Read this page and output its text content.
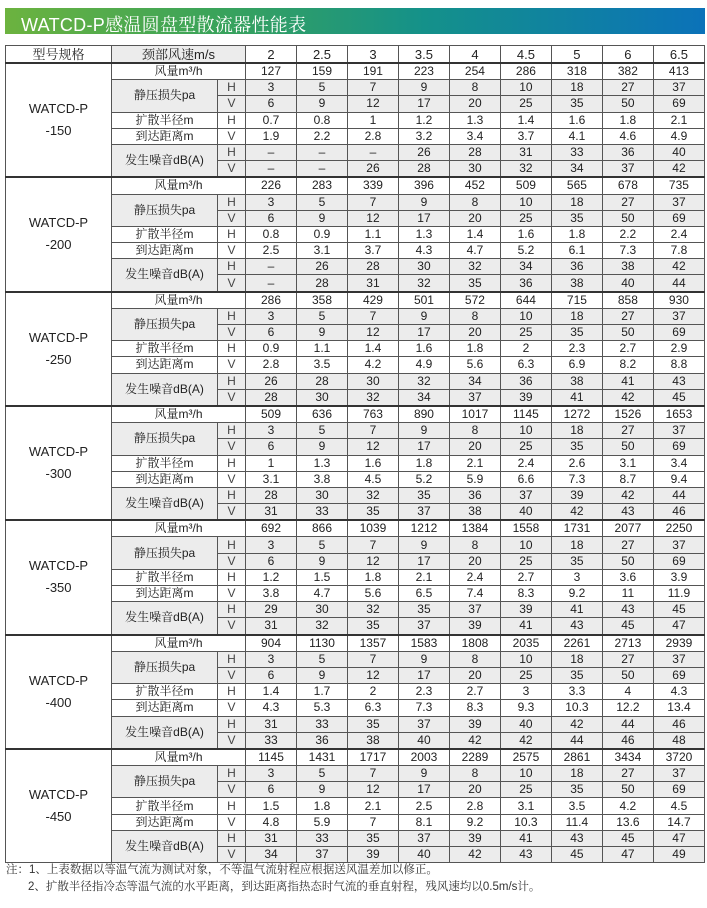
WATCD-P感温圆盘型散流器性能表
型号规格	颈部风速m/s		2	2.5	3	3.5	4	4.5	5	6	6.5

WATCD-P
-150	风量m³/h		127	159	191	223	254	286	318	382	413
	静压损失pa	H	3	5	7	9	8	10	18	27	37
		V	6	9	12	17	20	25	35	50	69
	扩散半径m	H	0.7	0.8	1	1.2	1.3	1.4	1.6	1.8	2.1
	到达距离m	V	1.9	2.2	2.8	3.2	3.4	3.7	4.1	4.6	4.9
	发生噪音dB(A)	H	–	–	–	26	28	31	33	36	40
		V	–	–	26	28	30	32	34	37	42

WATCD-P
-200	风量m³/h		226	283	339	396	452	509	565	678	735
	静压损失pa	H	3	5	7	9	8	10	18	27	37
		V	6	9	12	17	20	25	35	50	69
	扩散半径m	H	0.8	0.9	1.1	1.3	1.4	1.6	1.8	2.2	2.4
	到达距离m	V	2.5	3.1	3.7	4.3	4.7	5.2	6.1	7.3	7.8
	发生噪音dB(A)	H	–	26	28	30	32	34	36	38	42
		V	–	28	31	32	35	36	38	40	44

WATCD-P
-250	风量m³/h		286	358	429	501	572	644	715	858	930
	静压损失pa	H	3	5	7	9	8	10	18	27	37
		V	6	9	12	17	20	25	35	50	69
	扩散半径m	H	0.9	1.1	1.4	1.6	1.8	2	2.3	2.7	2.9
	到达距离m	V	2.8	3.5	4.2	4.9	5.6	6.3	6.9	8.2	8.8
	发生噪音dB(A)	H	26	28	30	32	34	36	38	41	43
		V	28	30	32	34	37	39	41	42	45

WATCD-P
-300	风量m³/h		509	636	763	890	1017	1145	1272	1526	1653
	静压损失pa	H	3	5	7	9	8	10	18	27	37
		V	6	9	12	17	20	25	35	50	69
	扩散半径m	H	1	1.3	1.6	1.8	2.1	2.4	2.6	3.1	3.4
	到达距离m	V	3.1	3.8	4.5	5.2	5.9	6.6	7.3	8.7	9.4
	发生噪音dB(A)	H	28	30	32	35	36	37	39	42	44
		V	31	33	35	37	38	40	42	43	46

WATCD-P
-350	风量m³/h		692	866	1039	1212	1384	1558	1731	2077	2250
	静压损失pa	H	3	5	7	9	8	10	18	27	37
		V	6	9	12	17	20	25	35	50	69
	扩散半径m	H	1.2	1.5	1.8	2.1	2.4	2.7	3	3.6	3.9
	到达距离m	V	3.8	4.7	5.6	6.5	7.4	8.3	9.2	11	11.9
	发生噪音dB(A)	H	29	30	32	35	37	39	41	43	45
		V	31	32	35	37	39	41	43	45	47

WATCD-P
-400	风量m³/h		904	1130	1357	1583	1808	2035	2261	2713	2939
	静压损失pa	H	3	5	7	9	8	10	18	27	37
		V	6	9	12	17	20	25	35	50	69
	扩散半径m	H	1.4	1.7	2	2.3	2.7	3	3.3	4	4.3
	到达距离m	V	4.3	5.3	6.3	7.3	8.3	9.3	10.3	12.2	13.4
	发生噪音dB(A)	H	31	33	35	37	39	40	42	44	46
		V	33	36	38	40	42	42	44	46	48

WATCD-P
-450	风量m³/h		1145	1431	1717	2003	2289	2575	2861	3434	3720
	静压损失pa	H	3	5	7	9	8	10	18	27	37
		V	6	9	12	17	20	25	35	50	69
	扩散半径m	H	1.5	1.8	2.1	2.5	2.8	3.1	3.5	4.2	4.5
	到达距离m	V	4.8	5.9	7	8.1	9.2	10.3	11.4	13.6	14.7
	发生噪音dB(A)	H	31	33	35	37	39	41	43	45	47
		V	34	37	39	40	42	43	45	47	49
注：1、上表数据以等温气流为测试对象，不等温气流射程应根据送风温差加以修正。
2、扩散半径指冷态等温气流的水平距离，到达距离指热态时气流的垂直射程，残风速均以0.5m/s计。
